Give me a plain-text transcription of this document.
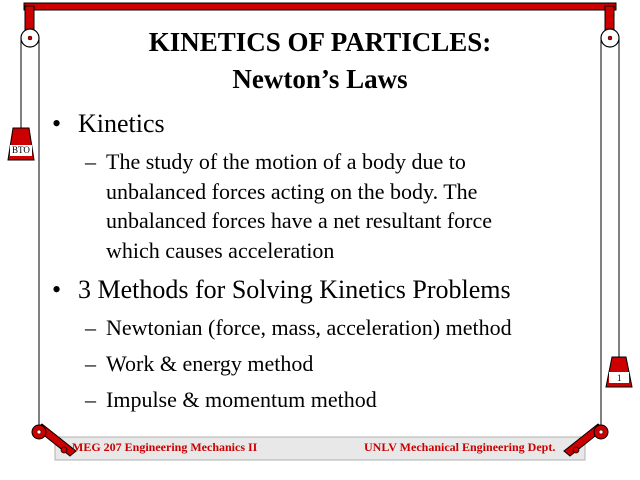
BTO
1
KINETICS OF PARTICLES:
Newton’s Laws
• Kinetics
– The study of the motion of a body due to unbalanced forces acting on the body. The unbalanced forces have a net resultant force which causes acceleration
• 3 Methods for Solving Kinetics Problems
– Newtonian (force, mass, acceleration) method
– Work & energy method
– Impulse & momentum method
MEG 207 Engineering Mechanics II	UNLV Mechanical Engineering Dept.
